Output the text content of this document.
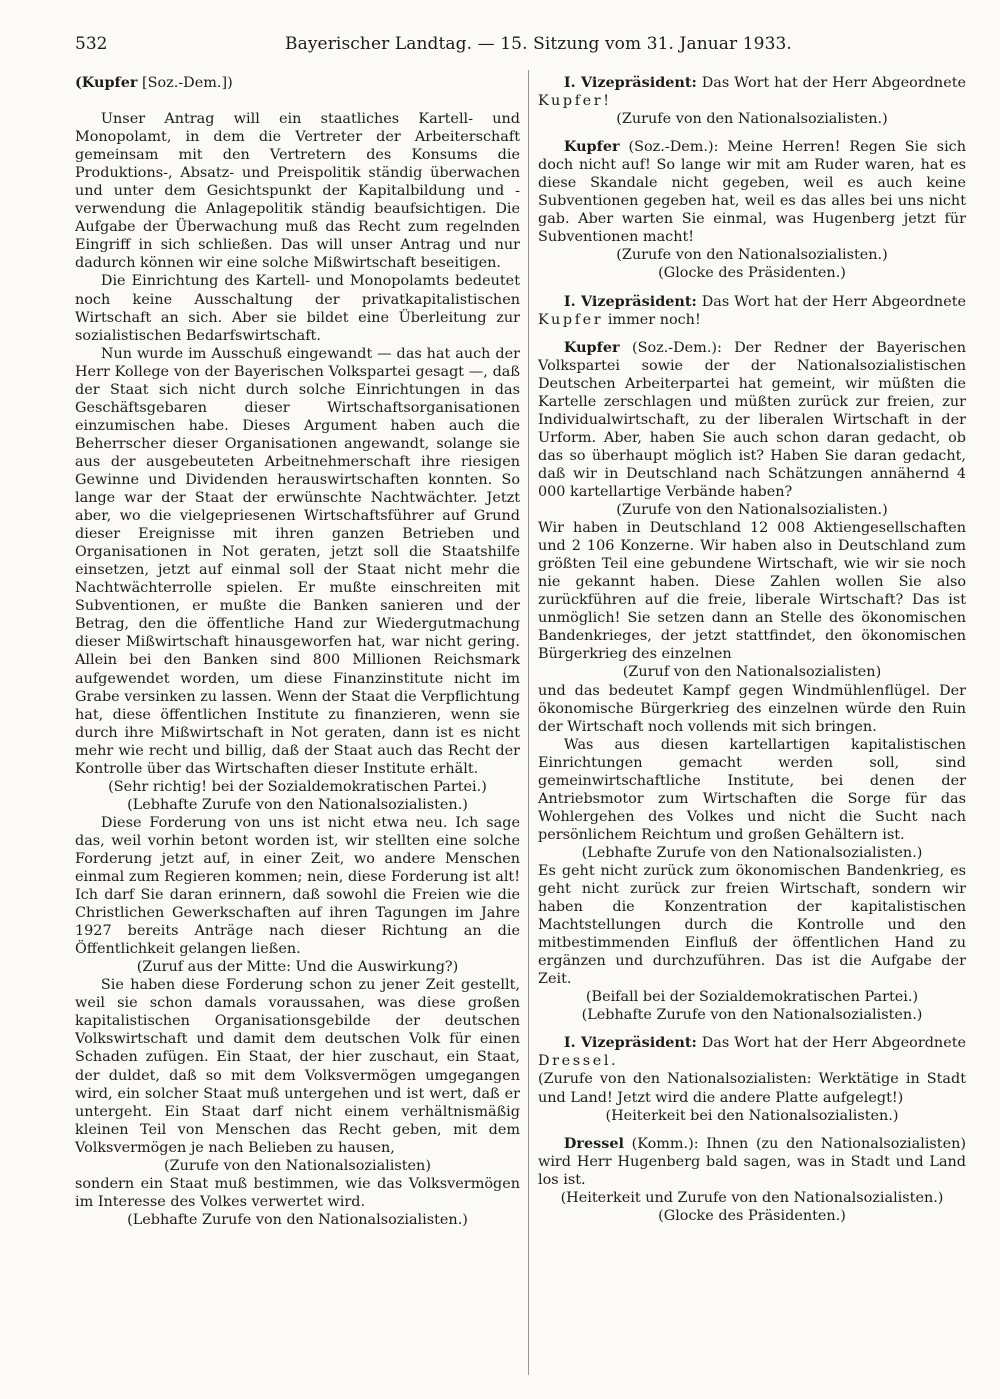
532	Bayerischer Landtag. — 15. Sitzung vom 31. Januar 1933.

(Kupfer [Soz.-Dem.])

Unser Antrag will ein staatliches Kartell- und Monopolamt, in dem die Vertreter der Arbeiterschaft gemeinsam mit den Vertretern des Konsums die Produktions-, Absatz- und Preispolitik ständig überwachen und unter dem Gesichtspunkt der Kapitalbildung und -verwendung die Anlagepolitik ständig beaufsichtigen. Die Aufgabe der Überwachung muß das Recht zum regelnden Eingriff in sich schließen. Das will unser Antrag und nur dadurch können wir eine solche Mißwirtschaft beseitigen.

Die Einrichtung des Kartell- und Monopolamts bedeutet noch keine Ausschaltung der privatkapitalistischen Wirtschaft an sich. Aber sie bildet eine Überleitung zur sozialistischen Bedarfswirtschaft.

Nun wurde im Ausschuß eingewandt — das hat auch der Herr Kollege von der Bayerischen Volkspartei gesagt —, daß der Staat sich nicht durch solche Einrichtungen in das Geschäftsgebaren dieser Wirtschaftsorganisationen einzumischen habe. Dieses Argument haben auch die Beherrscher dieser Organisationen angewandt, solange sie aus der ausgebeuteten Arbeitnehmerschaft ihre riesigen Gewinne und Dividenden herauswirtschaften konnten. So lange war der Staat der erwünschte Nachtwächter. Jetzt aber, wo die vielgepriesenen Wirtschaftsführer auf Grund dieser Ereignisse mit ihren ganzen Betrieben und Organisationen in Not geraten, jetzt soll die Staatshilfe einsetzen, jetzt auf einmal soll der Staat nicht mehr die Nachtwächterrolle spielen. Er mußte einschreiten mit Subventionen, er mußte die Banken sanieren und der Betrag, den die öffentliche Hand zur Wiedergutmachung dieser Mißwirtschaft hinausgeworfen hat, war nicht gering. Allein bei den Banken sind 800 Millionen Reichsmark aufgewendet worden, um diese Finanzinstitute nicht im Grabe versinken zu lassen. Wenn der Staat die Verpflichtung hat, diese öffentlichen Institute zu finanzieren, wenn sie durch ihre Mißwirtschaft in Not geraten, dann ist es nicht mehr wie recht und billig, daß der Staat auch das Recht der Kontrolle über das Wirtschaften dieser Institute erhält.

(Sehr richtig! bei der Sozialdemokratischen Partei.)

(Lebhafte Zurufe von den Nationalsozialisten.)

Diese Forderung von uns ist nicht etwa neu. Ich sage das, weil vorhin betont worden ist, wir stellten eine solche Forderung jetzt auf, in einer Zeit, wo andere Menschen einmal zum Regieren kommen; nein, diese Forderung ist alt! Ich darf Sie daran erinnern, daß sowohl die Freien wie die Christlichen Gewerkschaften auf ihren Tagungen im Jahre 1927 bereits Anträge nach dieser Richtung an die Öffentlichkeit gelangen ließen.

(Zuruf aus der Mitte: Und die Auswirkung?)

Sie haben diese Forderung schon zu jener Zeit gestellt, weil sie schon damals voraussahen, was diese großen kapitalistischen Organisationsgebilde der deutschen Volkswirtschaft und damit dem deutschen Volk für einen Schaden zufügen. Ein Staat, der hier zuschaut, ein Staat, der duldet, daß so mit dem Volksvermögen umgegangen wird, ein solcher Staat muß untergehen und ist wert, daß er untergeht. Ein Staat darf nicht einem verhältnismäßig kleinen Teil von Menschen das Recht geben, mit dem Volksvermögen je nach Belieben zu hausen,

(Zurufe von den Nationalsozialisten)

sondern ein Staat muß bestimmen, wie das Volksvermögen im Interesse des Volkes verwertet wird.

(Lebhafte Zurufe von den Nationalsozialisten.)

I. Vizepräsident: Das Wort hat der Herr Abgeordnete Kupfer!

(Zurufe von den Nationalsozialisten.)

Kupfer (Soz.-Dem.): Meine Herren! Regen Sie sich doch nicht auf! So lange wir mit am Ruder waren, hat es diese Skandale nicht gegeben, weil es auch keine Subventionen gegeben hat, weil es das alles bei uns nicht gab. Aber warten Sie einmal, was Hugenberg jetzt für Subventionen macht!

(Zurufe von den Nationalsozialisten.)

(Glocke des Präsidenten.)

I. Vizepräsident: Das Wort hat der Herr Abgeordnete Kupfer immer noch!

Kupfer (Soz.-Dem.): Der Redner der Bayerischen Volkspartei sowie der der Nationalsozialistischen Deutschen Arbeiterpartei hat gemeint, wir müßten die Kartelle zerschlagen und müßten zurück zur freien, zur Individualwirtschaft, zu der liberalen Wirtschaft in der Urform. Aber, haben Sie auch schon daran gedacht, ob das so überhaupt möglich ist? Haben Sie daran gedacht, daß wir in Deutschland nach Schätzungen annähernd 4 000 kartellartige Verbände haben?

(Zurufe von den Nationalsozialisten.)

Wir haben in Deutschland 12 008 Aktiengesellschaften und 2 106 Konzerne. Wir haben also in Deutschland zum größten Teil eine gebundene Wirtschaft, wie wir sie noch nie gekannt haben. Diese Zahlen wollen Sie also zurückführen auf die freie, liberale Wirtschaft? Das ist unmöglich! Sie setzen dann an Stelle des ökonomischen Bandenkrieges, der jetzt stattfindet, den ökonomischen Bürgerkrieg des einzelnen

(Zuruf von den Nationalsozialisten)

und das bedeutet Kampf gegen Windmühlenflügel. Der ökonomische Bürgerkrieg des einzelnen würde den Ruin der Wirtschaft noch vollends mit sich bringen.

Was aus diesen kartellartigen kapitalistischen Einrichtungen gemacht werden soll, sind gemeinwirtschaftliche Institute, bei denen der Antriebsmotor zum Wirtschaften die Sorge für das Wohlergehen des Volkes und nicht die Sucht nach persönlichem Reichtum und großen Gehältern ist.

(Lebhafte Zurufe von den Nationalsozialisten.)

Es geht nicht zurück zum ökonomischen Bandenkrieg, es geht nicht zurück zur freien Wirtschaft, sondern wir haben die Konzentration der kapitalistischen Machtstellungen durch die Kontrolle und den mitbestimmenden Einfluß der öffentlichen Hand zu ergänzen und durchzuführen. Das ist die Aufgabe der Zeit.

(Beifall bei der Sozialdemokratischen Partei.)

(Lebhafte Zurufe von den Nationalsozialisten.)

I. Vizepräsident: Das Wort hat der Herr Abgeordnete Dressel.

(Zurufe von den Nationalsozialisten: Werktätige in Stadt und Land! Jetzt wird die andere Platte aufgelegt!)

(Heiterkeit bei den Nationalsozialisten.)

Dressel (Komm.): Ihnen (zu den Nationalsozialisten) wird Herr Hugenberg bald sagen, was in Stadt und Land los ist.

(Heiterkeit und Zurufe von den Nationalsozialisten.)

(Glocke des Präsidenten.)
